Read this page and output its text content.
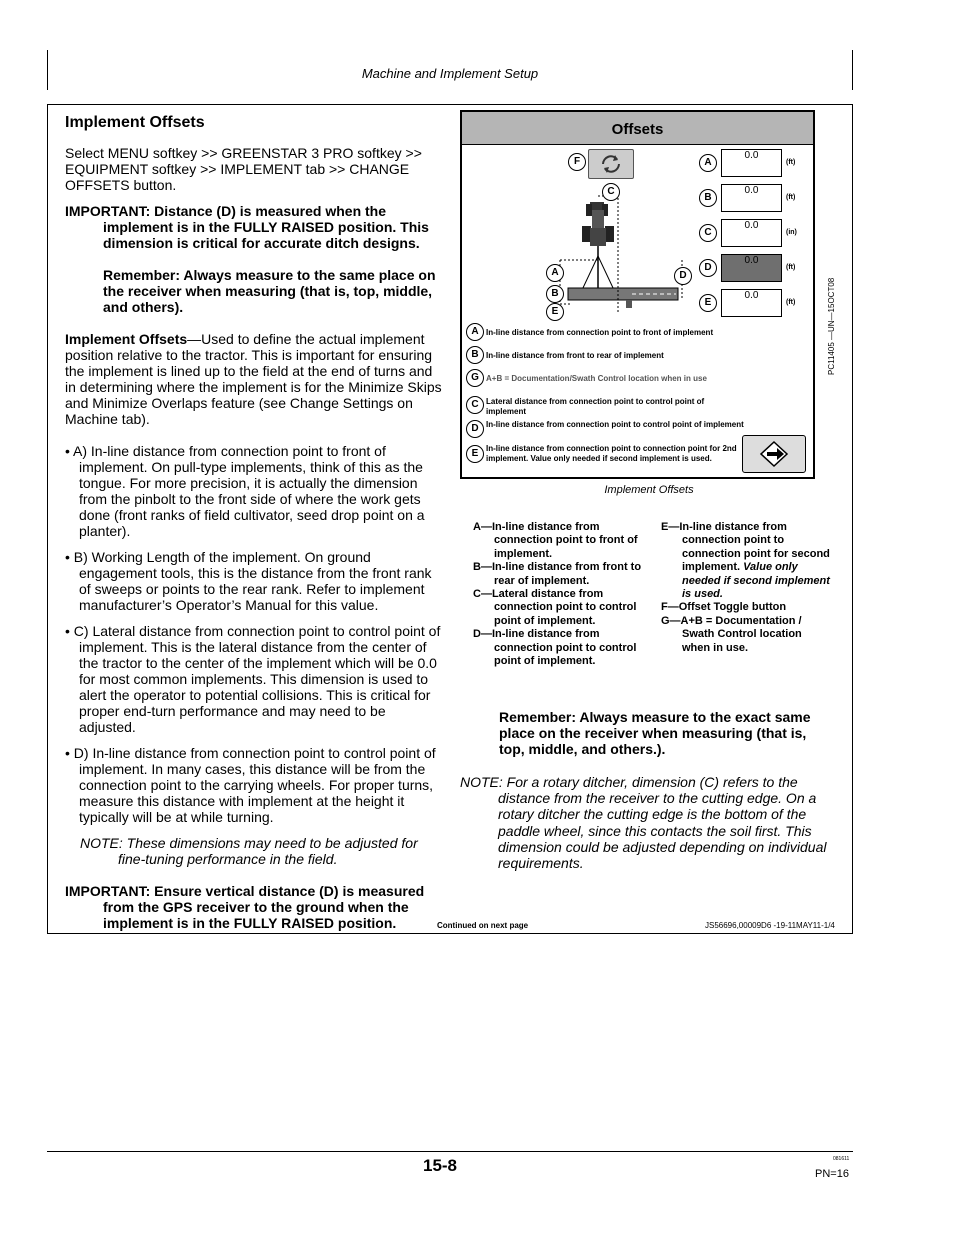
Machine and Implement Setup
Implement Offsets

Select MENU softkey >> GREENSTAR 3 PRO softkey >> EQUIPMENT softkey >> IMPLEMENT tab >> CHANGE OFFSETS button.

IMPORTANT: Distance (D) is measured when the implement is in the FULLY RAISED position. This dimension is critical for accurate ditch designs.

Remember: Always measure to the same place on the receiver when measuring (that is, top, middle, and others).

Implement Offsets—Used to define the actual implement position relative to the tractor. This is important for ensuring the implement is lined up to the field at the end of turns and in determining where the implement is for the Minimize Skips and Minimize Overlaps feature (see Change Settings on Machine tab).

• A) In-line distance from connection point to front of implement. On pull-type implements, think of this as the tongue. For more precision, it is actually the dimension from the pinbolt to the front side of where the work gets done (front ranks of field cultivator, seed drop point on a planter).

• B) Working Length of the implement. On ground engagement tools, this is the distance from the front rank of sweeps or points to the rear rank. Refer to implement manufacturer’s Operator’s Manual for this value.

• C) Lateral distance from connection point to control point of implement. This is the lateral distance from the center of the tractor to the center of the implement which will be 0.0 for most common implements. This dimension is used to alert the operator to potential collisions. This is critical for proper end-turn performance and may need to be adjusted.

• D) In-line distance from connection point to control point of implement. In many cases, this distance will be from the connection point to the carrying wheels. For proper turns, measure this distance with implement at the height it typically will be at while turning.

NOTE: These dimensions may need to be adjusted for fine-tuning performance in the field.

IMPORTANT: Ensure vertical distance (D) is measured from the GPS receiver to the ground when the implement is in the FULLY RAISED position.

Offsets
F
C
A
B
E
D
A
0.0
(ft)
B
0.0
(ft)
C
0.0
(in)
D
0.0
(ft)
E
0.0
(ft)
A In-line distance from connection point to front of implement
B In-line distance from front to rear of implement
G A+B = Documentation/Swath Control location when in use
C Lateral distance from connection point to control point of implement
D In-line distance from connection point to control point of implement
E In-line distance from connection point to connection point for 2nd implement. Value only needed if second implement is used.
PC11405 —UN—15OCT08
Implement Offsets

A—In-line distance from connection point to front of implement.

B—In-line distance from front to rear of implement.

C—Lateral distance from connection point to control point of implement.

D—In-line distance from connection point to control point of implement.

E—In-line distance from connection point to connection point for second implement. Value only needed if second implement is used.

F—Offset Toggle button

G—A+B = Documentation / Swath Control location when in use.

Remember: Always measure to the exact same place on the receiver when measuring (that is, top, middle, and others.).
NOTE: For a rotary ditcher, dimension (C) refers to the distance from the receiver to the cutting edge. On a rotary ditcher the cutting edge is the bottom of the paddle wheel, since this contacts the soil first. This dimension could be adjusted depending on individual requirements.
Continued on next page	JS56696,00009D6 -19-11MAY11-1/4
15-8	081611
PN=16
